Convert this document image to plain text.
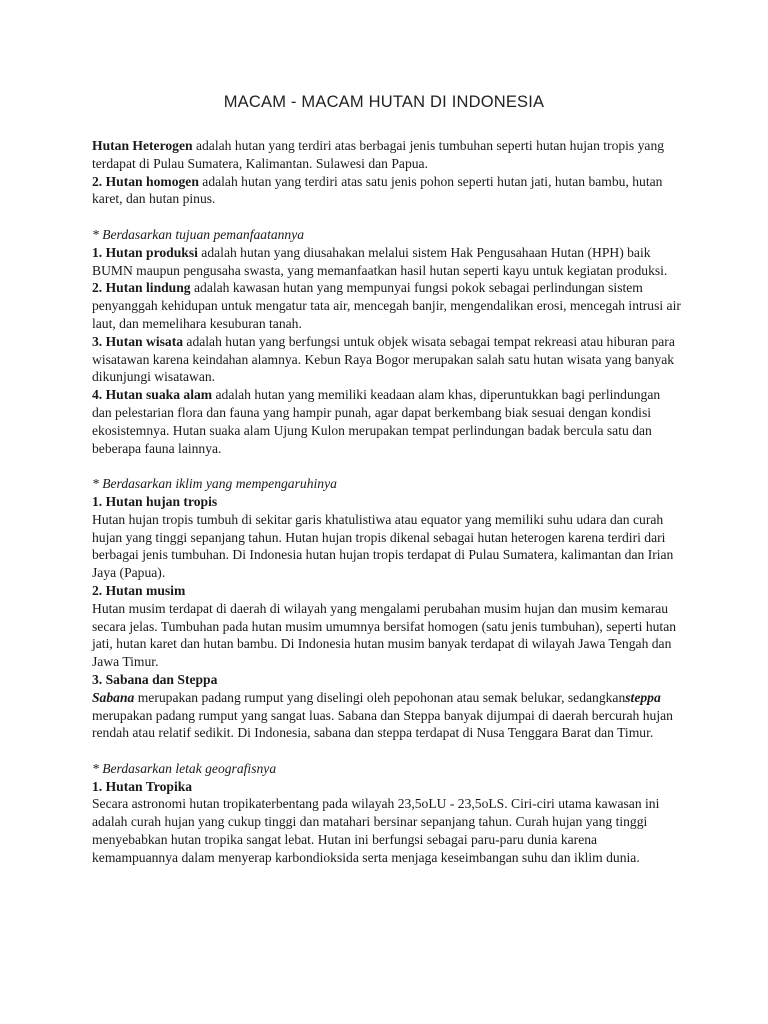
MACAM - MACAM HUTAN DI INDONESIA

Hutan Heterogen adalah hutan yang terdiri atas berbagai jenis tumbuhan seperti hutan hujan tropis yang terdapat di Pulau Sumatera, Kalimantan. Sulawesi dan Papua.

2. Hutan homogen adalah hutan yang terdiri atas satu jenis pohon seperti hutan jati, hutan bambu, hutan karet, dan hutan pinus.

* Berdasarkan tujuan pemanfaatannya

1. Hutan produksi adalah hutan yang diusahakan melalui sistem Hak Pengusahaan Hutan (HPH) baik BUMN maupun pengusaha swasta, yang memanfaatkan hasil hutan seperti kayu untuk kegiatan produksi.

2. Hutan lindung adalah kawasan hutan yang mempunyai fungsi pokok sebagai perlindungan sistem penyanggah kehidupan untuk mengatur tata air, mencegah banjir, mengendalikan erosi, mencegah intrusi air laut, dan memelihara kesuburan tanah.

3. Hutan wisata adalah hutan yang berfungsi untuk objek wisata sebagai tempat rekreasi atau hiburan para wisatawan karena keindahan alamnya. Kebun Raya Bogor merupakan salah satu hutan wisata yang banyak dikunjungi wisatawan.

4. Hutan suaka alam adalah hutan yang memiliki keadaan alam khas, diperuntukkan bagi perlindungan dan pelestarian flora dan fauna yang hampir punah, agar dapat berkembang biak sesuai dengan kondisi ekosistemnya. Hutan suaka alam Ujung Kulon merupakan tempat perlindungan badak bercula satu dan beberapa fauna lainnya.

* Berdasarkan iklim yang mempengaruhinya

1. Hutan hujan tropis

Hutan hujan tropis tumbuh di sekitar garis khatulistiwa atau equator yang memiliki suhu udara dan curah hujan yang tinggi sepanjang tahun. Hutan hujan tropis dikenal sebagai hutan heterogen karena terdiri dari berbagai jenis tumbuhan. Di Indonesia hutan hujan tropis terdapat di Pulau Sumatera, kalimantan dan Irian Jaya (Papua).

2. Hutan musim

Hutan musim terdapat di daerah di wilayah yang mengalami perubahan musim hujan dan musim kemarau secara jelas. Tumbuhan pada hutan musim umumnya bersifat homogen (satu jenis tumbuhan), seperti hutan jati, hutan karet dan hutan bambu. Di Indonesia hutan musim banyak terdapat di wilayah Jawa Tengah dan Jawa Timur.

3. Sabana dan Steppa

Sabana merupakan padang rumput yang diselingi oleh pepohonan atau semak belukar, sedangkansteppa merupakan padang rumput yang sangat luas. Sabana dan Steppa banyak dijumpai di daerah bercurah hujan rendah atau relatif sedikit. Di Indonesia, sabana dan steppa terdapat di Nusa Tenggara Barat dan Timur.

* Berdasarkan letak geografisnya

1. Hutan Tropika

Secara astronomi hutan tropikaterbentang pada wilayah 23,5oLU - 23,5oLS. Ciri-ciri utama kawasan ini adalah curah hujan yang cukup tinggi dan matahari bersinar sepanjang tahun. Curah hujan yang tinggi menyebabkan hutan tropika sangat lebat. Hutan ini berfungsi sebagai paru-paru dunia karena kemampuannya dalam menyerap karbondioksida serta menjaga keseimbangan suhu dan iklim dunia.
